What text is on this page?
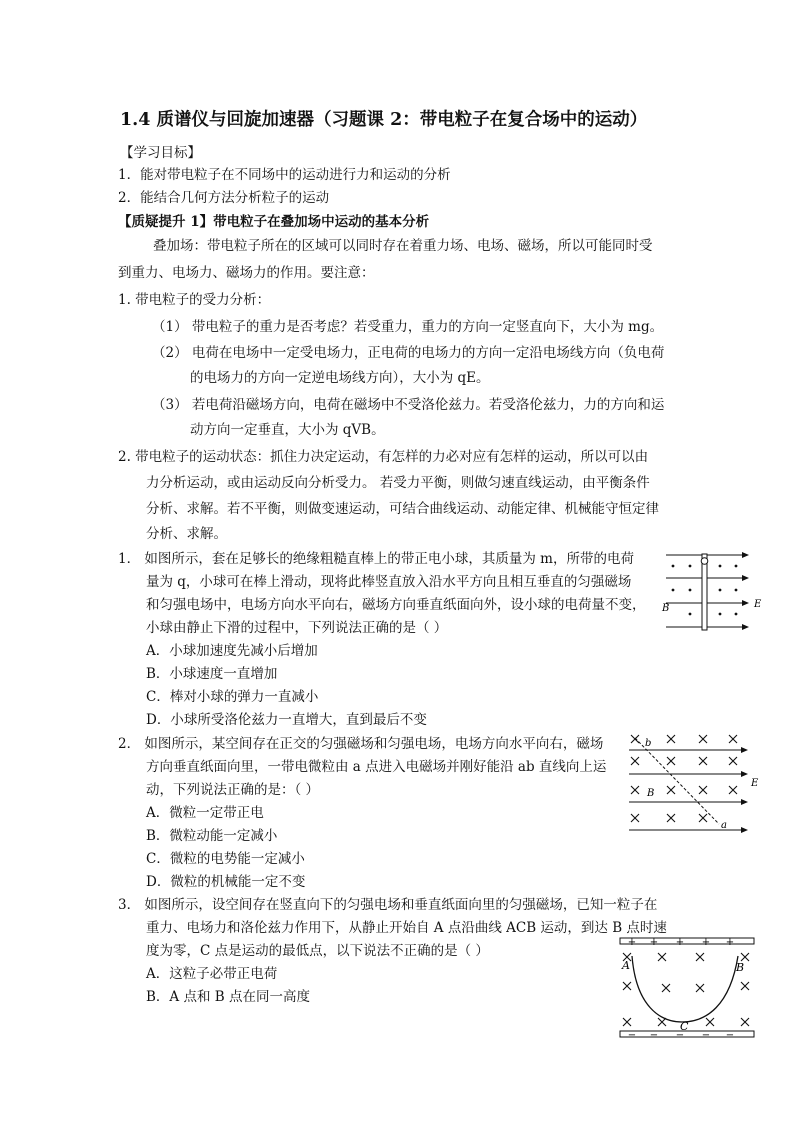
1.4 质谱仪与回旋加速器（习题课 2：带电粒子在复合场中的运动）
【学习目标】
1．能对带电粒子在不同场中的运动进行力和运动的分析
2．能结合几何方法分析粒子的运动
【质疑提升 1】带电粒子在叠加场中运动的基本分析
叠加场：带电粒子所在的区域可以同时存在着重力场、电场、磁场，所以可能同时受
到重力、电场力、磁场力的作用。要注意：
1. 带电粒子的受力分析：
（1） 带电粒子的重力是否考虑？若受重力，重力的方向一定竖直向下，大小为 mg。
（2） 电荷在电场中一定受电场力，正电荷的电场力的方向一定沿电场线方向（负电荷
的电场力的方向一定逆电场线方向），大小为 qE。
（3） 若电荷沿磁场方向，电荷在磁场中不受洛伦兹力。若受洛伦兹力，力的方向和运
动方向一定垂直，大小为 qVB。
2. 带电粒子的运动状态：抓住力决定运动，有怎样的力必对应有怎样的运动，所以可以由
力分析运动，或由运动反向分析受力。 若受力平衡，则做匀速直线运动，由平衡条件
分析、求解。若不平衡，则做变速运动，可结合曲线运动、动能定律、机械能守恒定律
分析、求解。
1． 如图所示，套在足够长的绝缘粗糙直棒上的带正电小球，其质量为 m，所带的电荷
量为 q，小球可在棒上滑动，现将此棒竖直放入沿水平方向且相互垂直的匀强磁场
和匀强电场中，电场方向水平向右，磁场方向垂直纸面向外，设小球的电荷量不变，
小球由静止下滑的过程中，下列说法正确的是（ ）
A．小球加速度先减小后增加
B．小球速度一直增加
C．棒对小球的弹力一直减小
D．小球所受洛伦兹力一直增大，直到最后不变
B	E
2． 如图所示，某空间存在正交的匀强磁场和匀强电场，电场方向水平向右，磁场
方向垂直纸面向里，一带电微粒由 a 点进入电磁场并刚好能沿 ab 直线向上运
动，下列说法正确的是：（ ）
A．微粒一定带正电
B．微粒动能一定减小
C．微粒的电势能一定减小
D．微粒的机械能一定不变
b
a
B
E
3． 如图所示，设空间存在竖直向下的匀强电场和垂直纸面向里的匀强磁场，已知一粒子在
重力、电场力和洛伦兹力作用下，从静止开始自 A 点沿曲线 ACB 运动，到达 B 点时速
度为零，C 点是运动的最低点，以下说法不正确的是（ ）
A．这粒子必带正电荷
B．A 点和 B 点在同一高度
+ + + + +
− − − − −
A	B
C
